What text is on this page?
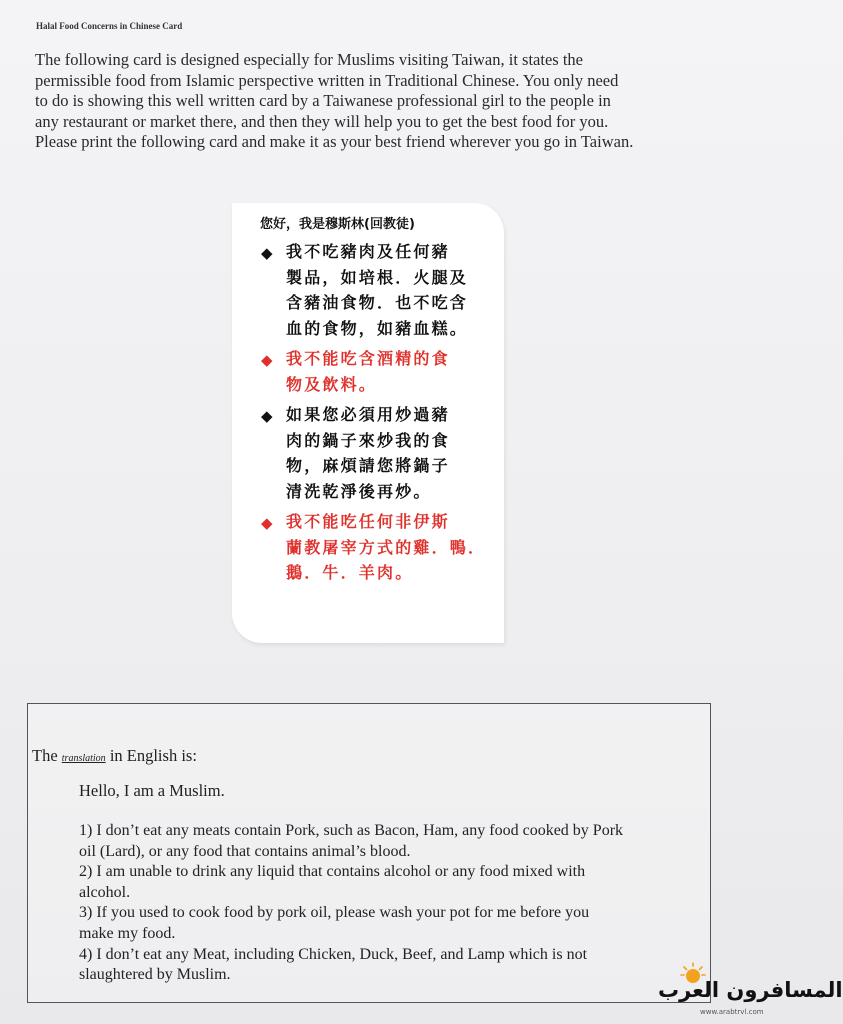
Halal Food Concerns in Chinese Card
The following card is designed especially for Muslims visiting Taiwan, it states the
permissible food from Islamic perspective written in Traditional Chinese. You only need
to do is showing this well written card by a Taiwanese professional girl to the people in
any restaurant or market there, and then they will help you to get the best food for you.
Please print the following card and make it as your best friend wherever you go in Taiwan.
您好，我是穆斯林(回教徒)
◆ 我不吃豬肉及任何豬
製品，如培根．火腿及
含豬油食物．也不吃含
血的食物，如豬血糕。
◆ 我不能吃含酒精的食
物及飲料。
◆ 如果您必須用炒過豬
肉的鍋子來炒我的食
物，麻煩請您將鍋子
清洗乾淨後再炒。
◆ 我不能吃任何非伊斯
蘭教屠宰方式的雞．鴨．
鵝．牛．羊肉。
The translation in English is:
Hello, I am a Muslim.

1) I don’t eat any meats contain Pork, such as Bacon, Ham, any food cooked by Pork
oil (Lard), or any food that contains animal’s blood.

2) I am unable to drink any liquid that contains alcohol or any food mixed with
alcohol.

3) If you used to cook food by pork oil, please wash your pot for me before you
make my food.

4) I don’t eat any Meat, including Chicken, Duck, Beef, and Lamp which is not
slaughtered by Muslim.

المسافرون العرب
www.arabtrvl.com
